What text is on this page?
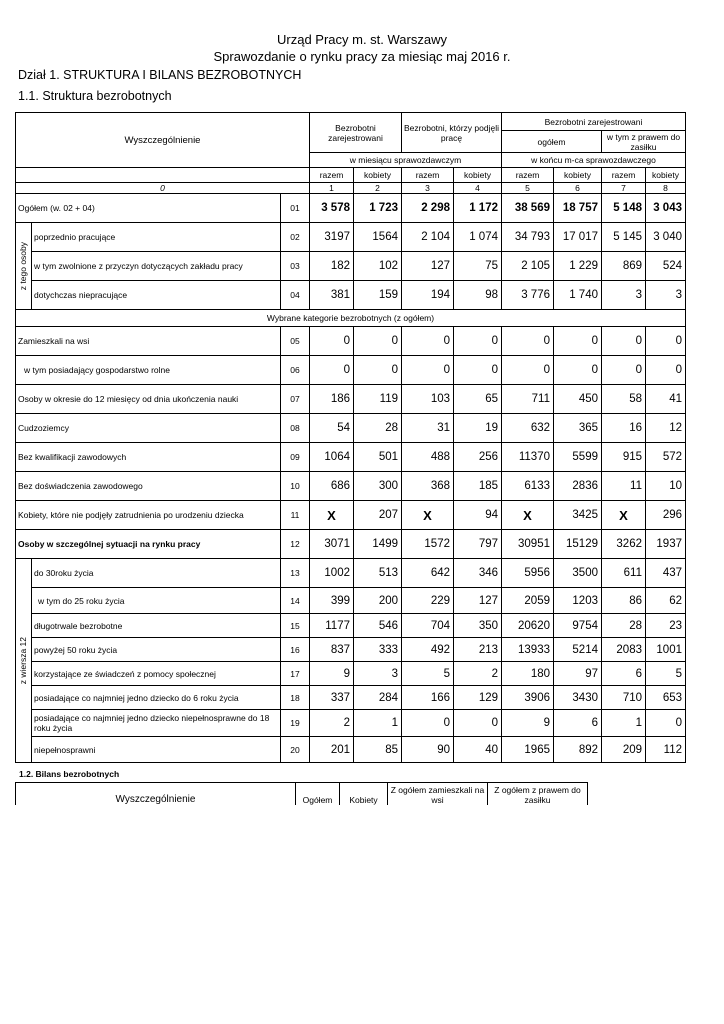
Urząd Pracy m. st. Warszawy
Sprawozdanie o rynku pracy za miesiąc maj 2016 r.
Dział 1. STRUKTURA I BILANS BEZROBOTNYCH
1.1. Struktura bezrobotnych
Wyszczególnienie			Bezrobotni zarejestrowani		Bezrobotni, którzy podjęli pracę		Bezrobotni zarejestrowani			
							ogółem		w tym z prawem do zasiłku	
			w miesiącu sprawozdawczym				w końcu m-ca sprawozdawczego			
			razem	kobiety	razem	kobiety	razem	kobiety	razem	kobiety
0			1	2	3	4	5	6	7	8
Ogółem (w. 02 + 04)		01	3 578	1 723	2 298	1 172	38 569	18 757	5 148	3 043

z tego osoby	poprzednio pracujące	02	3197	1564	2 104	1 074	34 793	17 017	5 145	3 040
	w tym zwolnione z przyczyn dotyczących zakładu pracy	03	182	102	127	75	2 105	1 229	869	524
	dotychczas niepracujące	04	381	159	194	98	3 776	1 740	3	3
Wybrane kategorie bezrobotnych (z ogółem)										
Zamieszkali na wsi		05	0	0	0	0	0	0	0	0
w tym posiadający gospodarstwo rolne		06	0	0	0	0	0	0	0	0
Osoby w okresie do 12 miesięcy od dnia ukończenia nauki		07	186	119	103	65	711	450	58	41
Cudzoziemcy		08	54	28	31	19	632	365	16	12
Bez kwalifikacji zawodowych		09	1064	501	488	256	11370	5599	915	572
Bez doświadczenia zawodowego		10	686	300	368	185	6133	2836	11	10
Kobiety, które nie podjęły zatrudnienia po urodzeniu dziecka		11	X	207	X	94	X	3425	X	296
Osoby w szczególnej sytuacji na rynku pracy		12	3071	1499	1572	797	30951	15129	3262	1937

z wiersza 12	do 30roku życia	13	1002	513	642	346	5956	3500	611	437
	w tym do 25 roku życia	14	399	200	229	127	2059	1203	86	62
	długotrwale bezrobotne	15	1177	546	704	350	20620	9754	28	23
	powyżej 50 roku życia	16	837	333	492	213	13933	5214	2083	1001
	korzystające ze świadczeń z pomocy społecznej	17	9	3	5	2	180	97	6	5
	posiadające co najmniej jedno dziecko do 6 roku życia	18	337	284	166	129	3906	3430	710	653
	posiadające co najmniej jedno dziecko niepełnosprawne do 18 roku życia	19	2	1	0	0	9	6	1	0
	niepełnosprawni	20	201	85	90	40	1965	892	209	112
1.2. Bilans bezrobotnych
Wyszczególnienie	Ogółem	Kobiety	Z ogółem zamieszkali na wsi	Z ogółem z prawem do zasiłku
